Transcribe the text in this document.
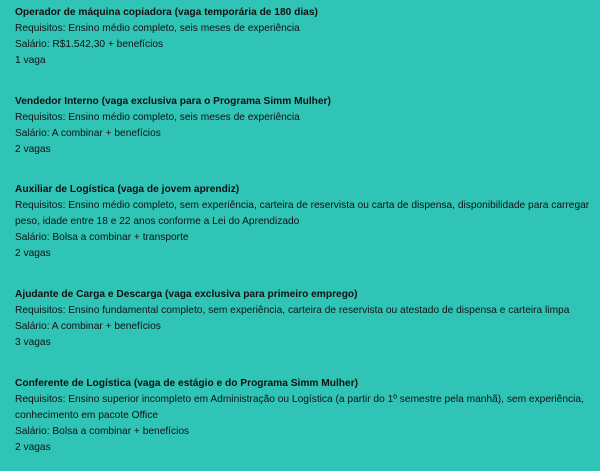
Operador de máquina copiadora (vaga temporária de 180 dias)

Requisitos: Ensino médio completo, seis meses de experiência

Salário: R$1.542,30 + benefícios

1 vaga

Vendedor Interno (vaga exclusiva para o Programa Simm Mulher)

Requisitos: Ensino médio completo, seis meses de experiência

Salário: A combinar + benefícios

2 vagas

Auxiliar de Logística (vaga de jovem aprendiz)

Requisitos: Ensino médio completo, sem experiência, carteira de reservista ou carta de dispensa, disponibilidade para carregar peso, idade entre 18 e 22 anos conforme a Lei do Aprendizado

Salário: Bolsa a combinar + transporte

2 vagas

Ajudante de Carga e Descarga (vaga exclusiva para primeiro emprego)

Requisitos: Ensino fundamental completo, sem experiência, carteira de reservista ou atestado de dispensa e carteira limpa

Salário: A combinar + benefícios

3 vagas

Conferente de Logística (vaga de estágio e do Programa Simm Mulher)

Requisitos: Ensino superior incompleto em Administração ou Logística (a partir do 1º semestre pela manhã), sem experiência, conhecimento em pacote Office

Salário: Bolsa a combinar + benefícios

2 vagas
